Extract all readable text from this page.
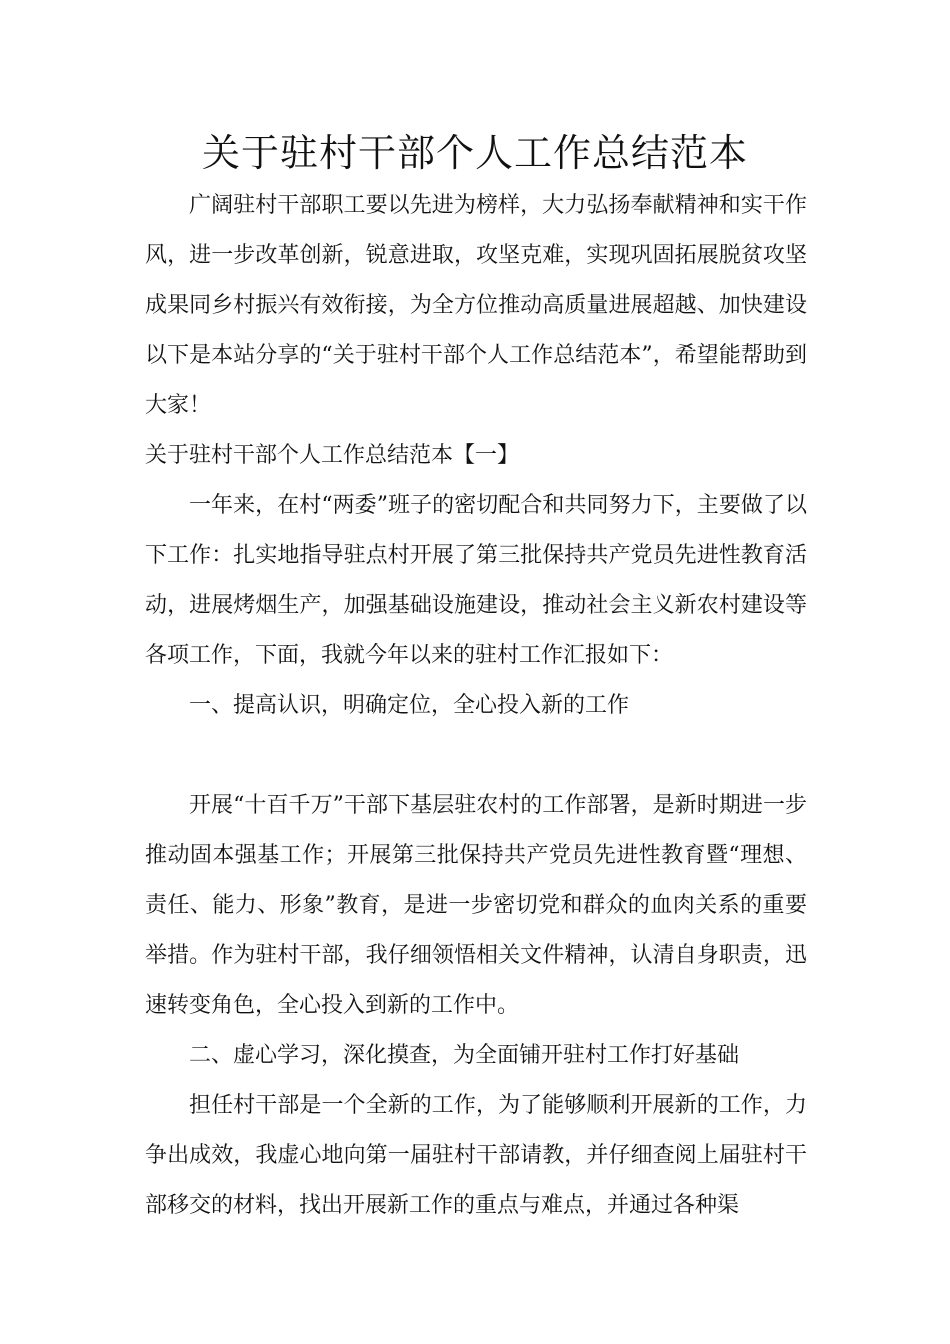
关于驻村干部个人工作总结范本

广阔驻村干部职工要以先进为榜样，大力弘扬奉献精神和实干作风，进一步改革创新，锐意进取，攻坚克难，实现巩固拓展脱贫攻坚成果同乡村振兴有效衔接，为全方位推动高质量进展超越、加快建设以下是本站分享的“关于驻村干部个人工作总结范本”，希望能帮助到大家！

关于驻村干部个人工作总结范本【一】

一年来，在村“两委”班子的密切配合和共同努力下，主要做了以下工作：扎实地指导驻点村开展了第三批保持共产党员先进性教育活动，进展烤烟生产，加强基础设施建设，推动社会主义新农村建设等各项工作，下面，我就今年以来的驻村工作汇报如下：

一、提高认识，明确定位，全心投入新的工作

开展“十百千万”干部下基层驻农村的工作部署，是新时期进一步推动固本强基工作；开展第三批保持共产党员先进性教育暨“理想、责任、能力、形象”教育，是进一步密切党和群众的血肉关系的重要举措。作为驻村干部，我仔细领悟相关文件精神，认清自身职责，迅速转变角色，全心投入到新的工作中。

二、虚心学习，深化摸查，为全面铺开驻村工作打好基础

担任村干部是一个全新的工作，为了能够顺利开展新的工作，力争出成效，我虚心地向第一届驻村干部请教，并仔细查阅上届驻村干部移交的材料，找出开展新工作的重点与难点，并通过各种渠
